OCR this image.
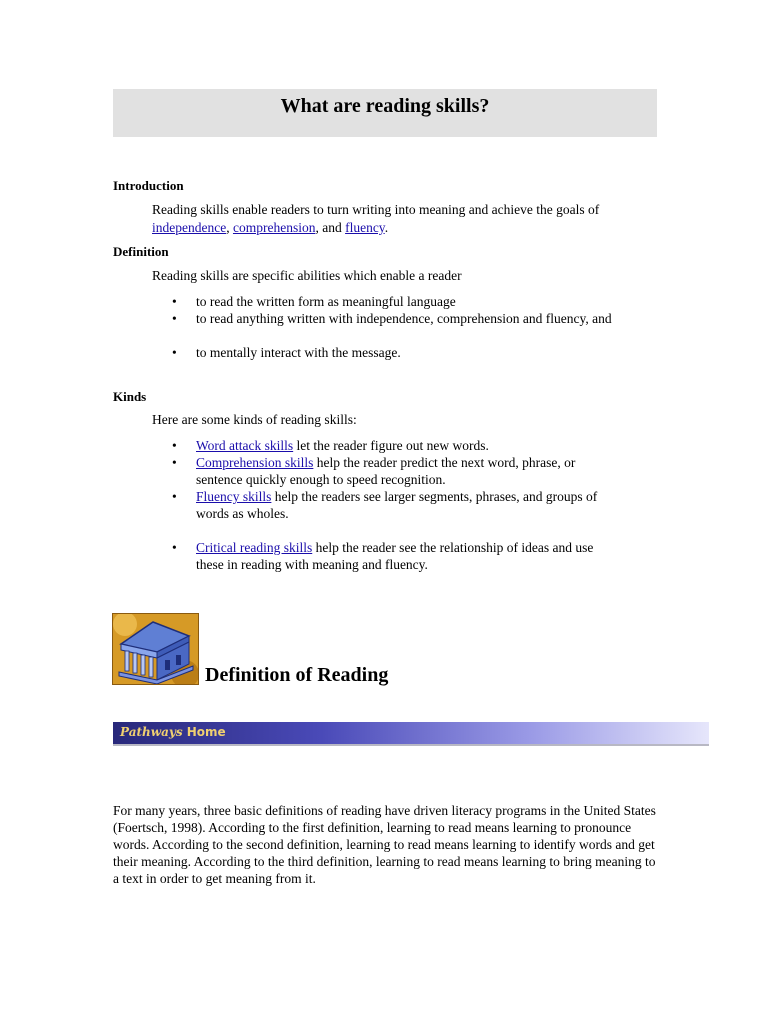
What are reading skills?
Introduction
Reading skills enable readers to turn writing into meaning and achieve the goals of independence, comprehension, and fluency.
Definition
Reading skills are specific abilities which enable a reader
• to read the written form as meaningful language
• to read anything written with independence, comprehension and fluency, and
• to mentally interact with the message.
Kinds
Here are some kinds of reading skills:
• Word attack skills let the reader figure out new words.
• Comprehension skills help the reader predict the next word, phrase, or sentence quickly enough to speed recognition.
• Fluency skills help the readers see larger segments, phrases, and groups of words as wholes.
• Critical reading skills help the reader see the relationship of ideas and use these in reading with meaning and fluency.
Definition of Reading
Pathways Home
For many years, three basic definitions of reading have driven literacy programs in the United States (Foertsch, 1998). According to the first definition, learning to read means learning to pronounce words. According to the second definition, learning to read means learning to identify words and get their meaning. According to the third definition, learning to read means learning to bring meaning to a text in order to get meaning from it.
